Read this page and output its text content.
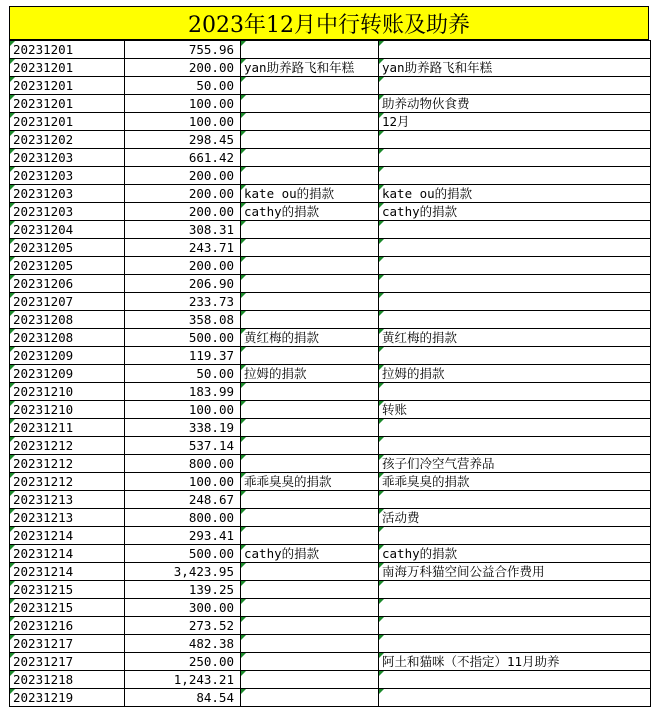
2023年12月中行转账及助养
20231201	755.96		
20231201	200.00	yan助养路飞和年糕	yan助养路飞和年糕
20231201	50.00		
20231201	100.00		助养动物伙食费
20231201	100.00		12月
20231202	298.45		
20231203	661.42		
20231203	200.00		
20231203	200.00	kate ou的捐款	kate ou的捐款
20231203	200.00	cathy的捐款	cathy的捐款
20231204	308.31		
20231205	243.71		
20231205	200.00		
20231206	206.90		
20231207	233.73		
20231208	358.08		
20231208	500.00	黄红梅的捐款	黄红梅的捐款
20231209	119.37		
20231209	50.00	拉姆的捐款	拉姆的捐款
20231210	183.99		
20231210	100.00		转账
20231211	338.19		
20231212	537.14		
20231212	800.00		孩子们冷空气营养品
20231212	100.00	乖乖臭臭的捐款	乖乖臭臭的捐款
20231213	248.67		
20231213	800.00		活动费
20231214	293.41		
20231214	500.00	cathy的捐款	cathy的捐款
20231214	3,423.95		南海万科猫空间公益合作费用
20231215	139.25		
20231215	300.00		
20231216	273.52		
20231217	482.38		
20231217	250.00		阿土和猫咪（不指定）11月助养
20231218	1,243.21		
20231219	84.54		
